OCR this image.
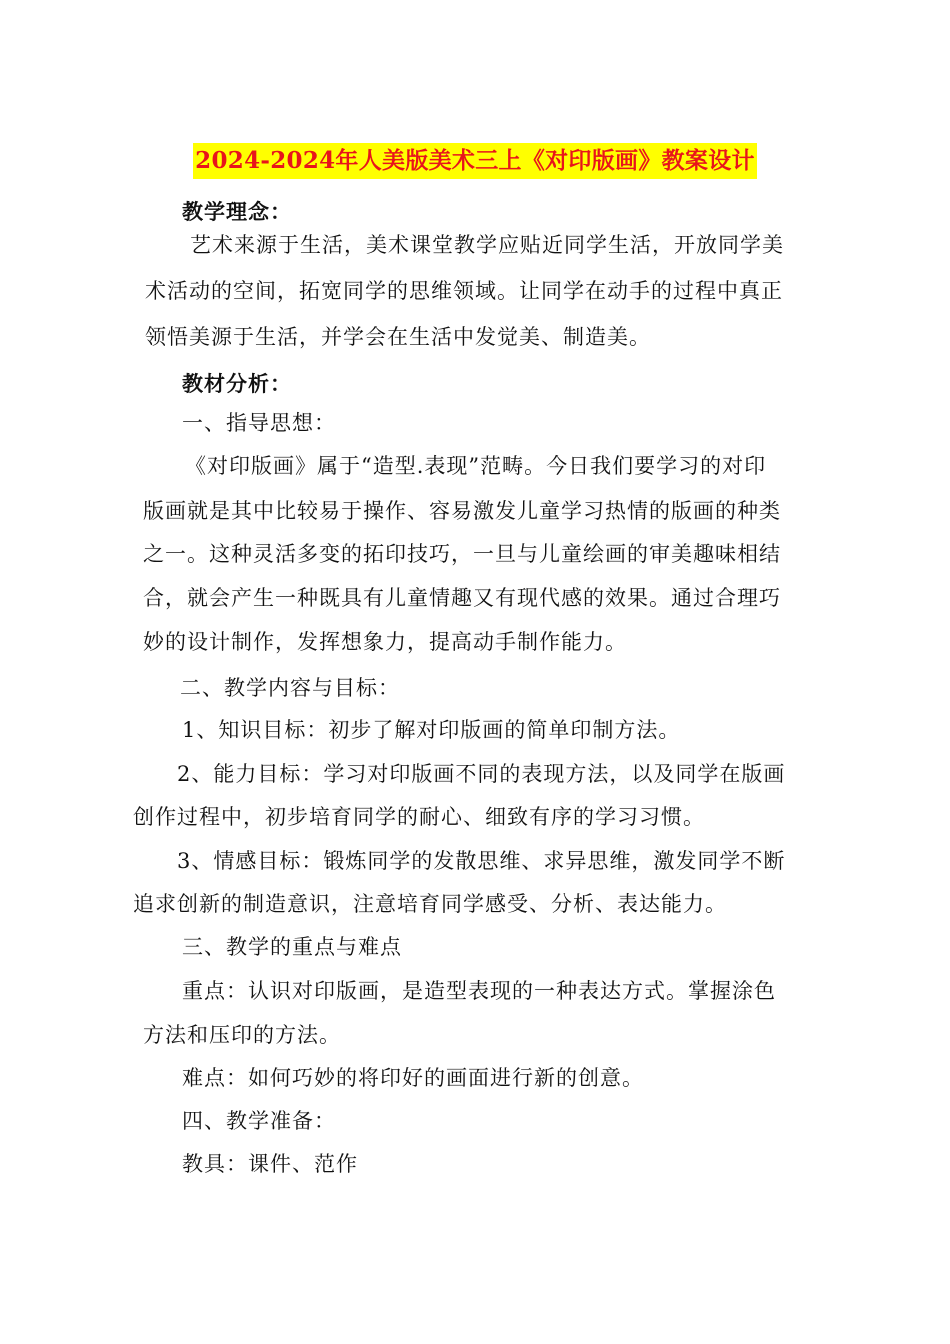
2024-2024年人美版美术三上《对印版画》教案设计
教学理念：
艺术来源于生活，美术课堂教学应贴近同学生活，开放同学美
术活动的空间，拓宽同学的思维领域。让同学在动手的过程中真正
领悟美源于生活，并学会在生活中发觉美、制造美。
教材分析：
一、指导思想：
《对印版画》属于“造型.表现”范畴。今日我们要学习的对印
版画就是其中比较易于操作、容易激发儿童学习热情的版画的种类
之一。这种灵活多变的拓印技巧，一旦与儿童绘画的审美趣味相结
合，就会产生一种既具有儿童情趣又有现代感的效果。通过合理巧
妙的设计制作，发挥想象力，提高动手制作能力。
二、教学内容与目标：
1、知识目标：初步了解对印版画的简单印制方法。
2、能力目标：学习对印版画不同的表现方法，以及同学在版画
创作过程中，初步培育同学的耐心、细致有序的学习习惯。
3、情感目标：锻炼同学的发散思维、求异思维，激发同学不断
追求创新的制造意识，注意培育同学感受、分析、表达能力。
三、教学的重点与难点
重点：认识对印版画，是造型表现的一种表达方式。掌握涂色
方法和压印的方法。
难点：如何巧妙的将印好的画面进行新的创意。
四、教学准备：
教具：课件、范作
